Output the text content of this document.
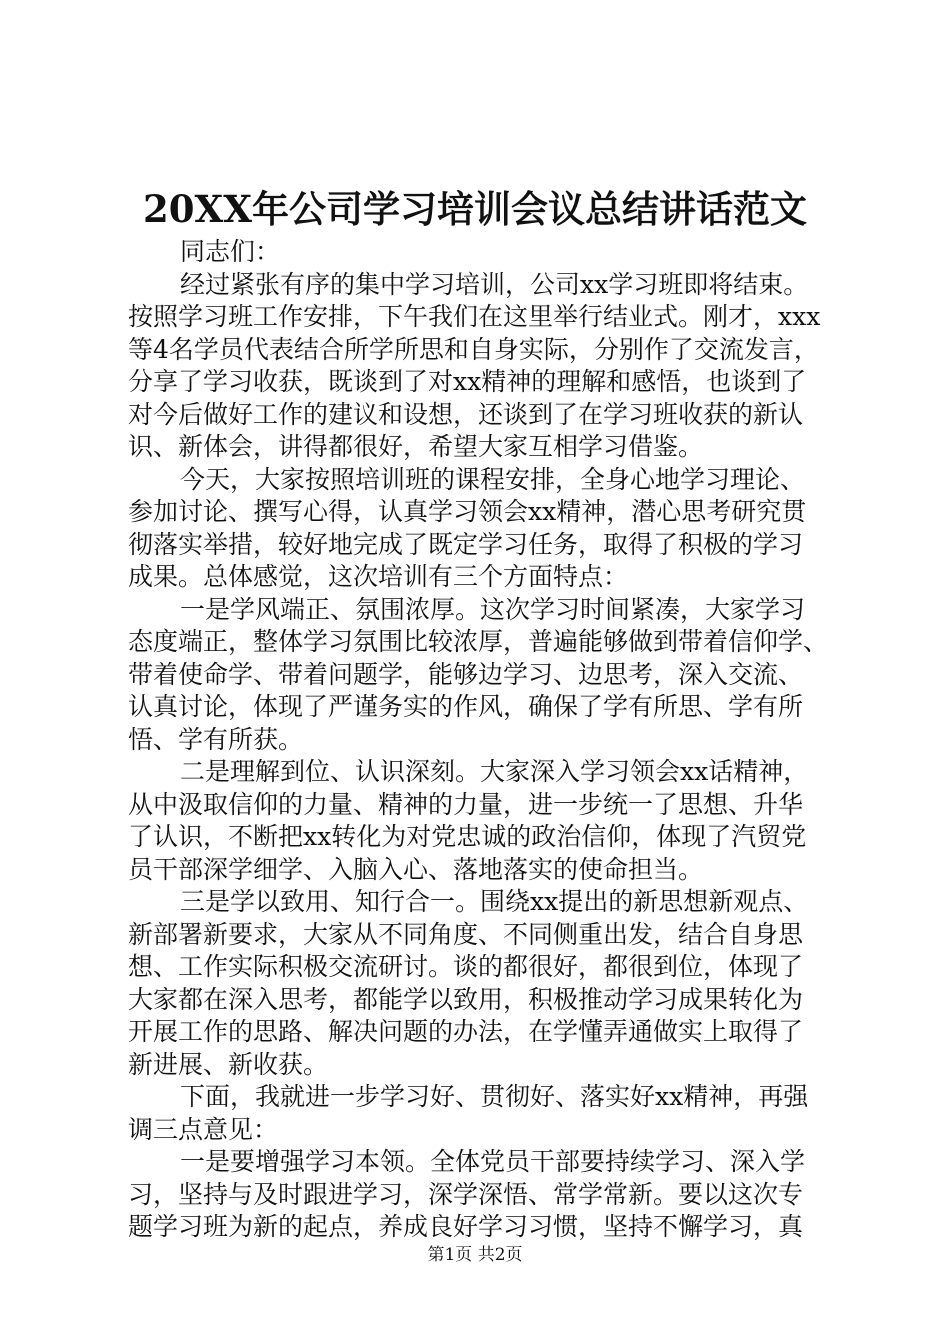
20XX年公司学习培训会议总结讲话范文
同志们：
经过紧张有序的集中学习培训，公司xx学习班即将结束。
按照学习班工作安排，下午我们在这里举行结业式。刚才，xxx
等4名学员代表结合所学所思和自身实际，分别作了交流发言，
分享了学习收获，既谈到了对xx精神的理解和感悟，也谈到了
对今后做好工作的建议和设想，还谈到了在学习班收获的新认
识、新体会，讲得都很好，希望大家互相学习借鉴。
今天，大家按照培训班的课程安排，全身心地学习理论、
参加讨论、撰写心得，认真学习领会xx精神，潜心思考研究贯
彻落实举措，较好地完成了既定学习任务，取得了积极的学习
成果。总体感觉，这次培训有三个方面特点：
一是学风端正、氛围浓厚。这次学习时间紧凑，大家学习
态度端正，整体学习氛围比较浓厚，普遍能够做到带着信仰学、
带着使命学、带着问题学，能够边学习、边思考，深入交流、
认真讨论，体现了严谨务实的作风，确保了学有所思、学有所
悟、学有所获。
二是理解到位、认识深刻。大家深入学习领会xx话精神，
从中汲取信仰的力量、精神的力量，进一步统一了思想、升华
了认识，不断把xx转化为对党忠诚的政治信仰，体现了汽贸党
员干部深学细学、入脑入心、落地落实的使命担当。
三是学以致用、知行合一。围绕xx提出的新思想新观点、
新部署新要求，大家从不同角度、不同侧重出发，结合自身思
想、工作实际积极交流研讨。谈的都很好，都很到位，体现了
大家都在深入思考，都能学以致用，积极推动学习成果转化为
开展工作的思路、解决问题的办法，在学懂弄通做实上取得了
新进展、新收获。
下面，我就进一步学习好、贯彻好、落实好xx精神，再强
调三点意见：
一是要增强学习本领。全体党员干部要持续学习、深入学
习，坚持与及时跟进学习，深学深悟、常学常新。要以这次专
题学习班为新的起点，养成良好学习习惯，坚持不懈学习，真
第1页 共2页
